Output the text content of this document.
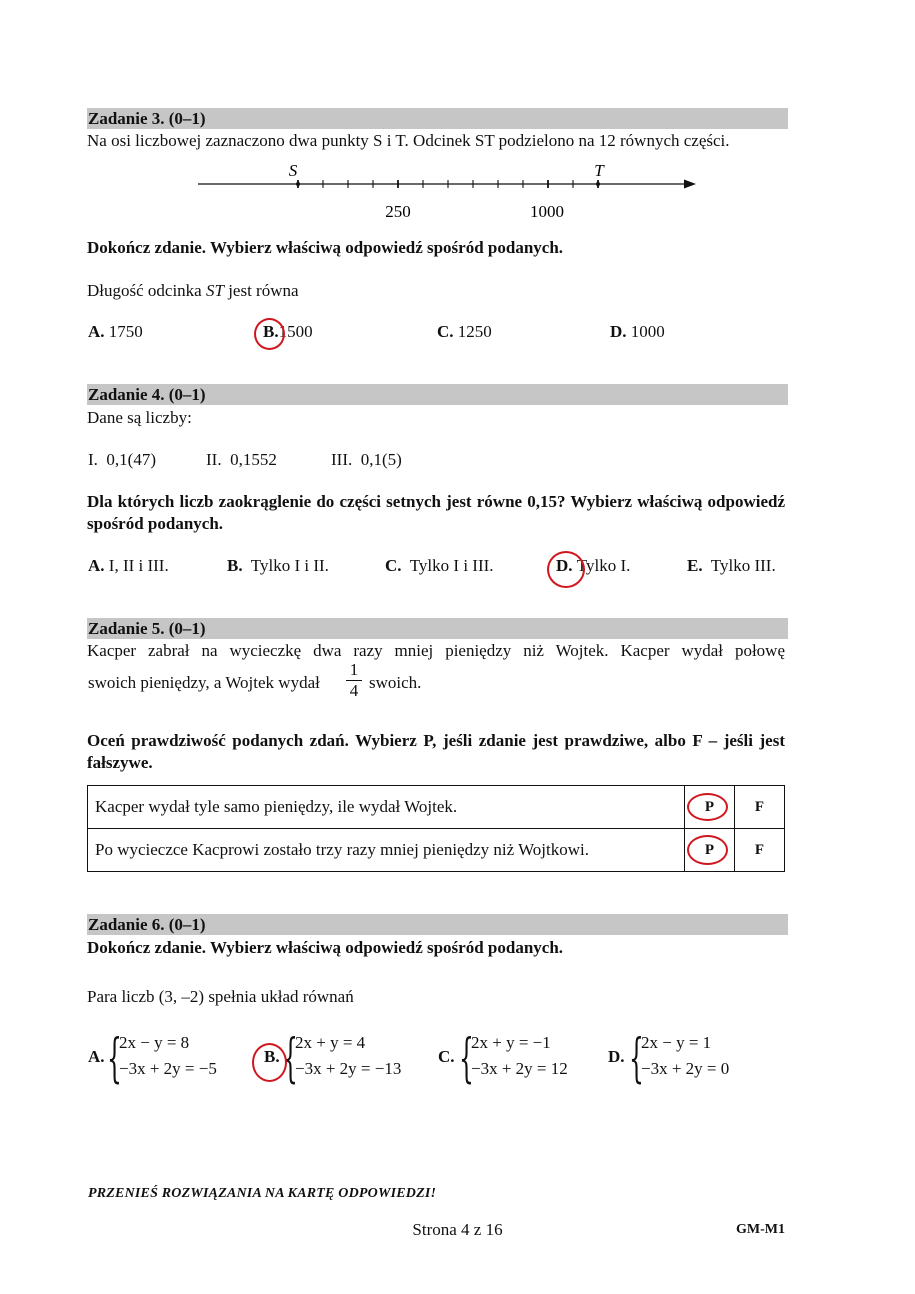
Zadanie 3. (0–1)
Na osi liczbowej zaznaczono dwa punkty S i T. Odcinek ST podzielono na 12 równych części.
S	T
250	1000
Dokończ zdanie. Wybierz właściwą odpowiedź spośród podanych.
Długość odcinka ST jest równa
A. 1750	B.1500	C. 1250	D. 1000
Zadanie 4. (0–1)
Dane są liczby:
I.  0,1(47)	II.  0,1552	III.  0,1(5)
Dla których liczb zaokrąglenie do części setnych jest równe 0,15? Wybierz właściwą odpowiedź spośród podanych.
A. I, II i III.	B. Tylko I i II.	C. Tylko I i III.	D. Tylko I.	E. Tylko III.
Zadanie 5. (0–1)
Kacper zabrał na wycieczkę dwa razy mniej pieniędzy niż Wojtek. Kacper wydał połowę
swoich pieniędzy, a Wojtek wydał $\frac{1}{4}$ swoich.
Oceń prawdziwość podanych zdań. Wybierz P, jeśli zdanie jest prawdziwe, albo F – jeśli jest fałszywe.
Kacper wydał tyle samo pieniędzy, ile wydał Wojtek.	P	F
Po wycieczce Kacprowi zostało trzy razy mniej pieniędzy niż Wojtkowi.	P	F
Zadanie 6. (0–1)
Dokończ zdanie. Wybierz właściwą odpowiedź spośród podanych.
Para liczb (3, –2) spełnia układ równań
A. {
2x − y = 8
−3x + 2y = −5
B. {
2x + y = 4
−3x + 2y = −13
C. {
2x + y = −1
−3x + 2y = 12
D. {
2x − y = 1
−3x + 2y = 0
PRZENIEŚ ROZWIĄZANIA NA KARTĘ ODPOWIEDZI!
Strona 4 z 16	GM-M1
